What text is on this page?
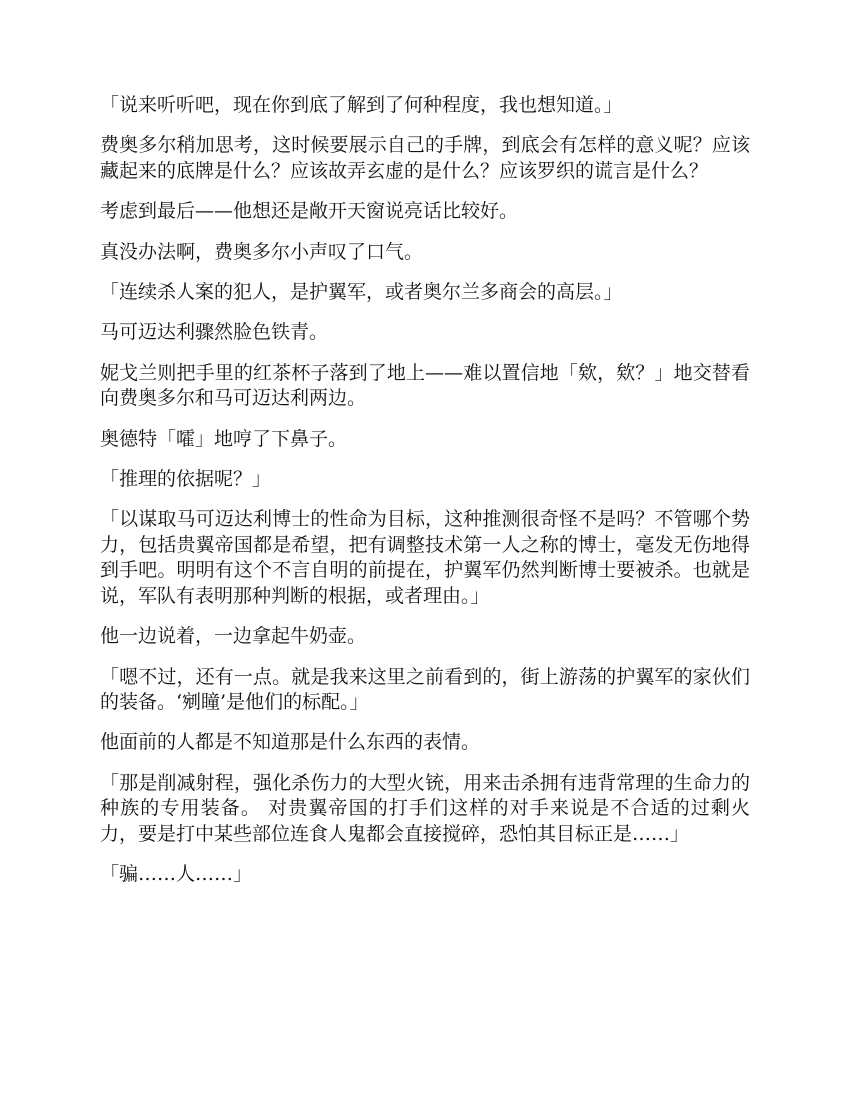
「说来听听吧，现在你到底了解到了何种程度，我也想知道。」

费奥多尔稍加思考，这时候要展示自己的手牌，到底会有怎样的意义呢？应该藏起来的底牌是什么？应该故弄玄虚的是什么？应该罗织的谎言是什么？

考虑到最后——他想还是敞开天窗说亮话比较好。

真没办法啊，费奥多尔小声叹了口气。

「连续杀人案的犯人，是护翼军，或者奥尔兰多商会的高层。」

马可迈达利骤然脸色铁青。

妮戈兰则把手里的红茶杯子落到了地上——难以置信地「欸，欸？」地交替看向费奥多尔和马可迈达利两边。

奥德特「嚯」地哼了下鼻子。

「推理的依据呢？」

「以谋取马可迈达利博士的性命为目标，这种推测很奇怪不是吗？不管哪个势力，包括贵翼帝国都是希望，把有调整技术第一人之称的博士，毫发无伤地得到手吧。明明有这个不言自明的前提在，护翼军仍然判断博士要被杀。也就是说，军队有表明那种判断的根据，或者理由。」

他一边说着，一边拿起牛奶壶。

「嗯不过，还有一点。就是我来这里之前看到的，街上游荡的护翼军的家伙们的装备。‘剜瞳’是他们的标配。」

他面前的人都是不知道那是什么东西的表情。

「那是削减射程，强化杀伤力的大型火铳，用来击杀拥有违背常理的生命力的种族的专用装备。 对贵翼帝国的打手们这样的对手来说是不合适的过剩火力，要是打中某些部位连食人鬼都会直接搅碎，恐怕其目标正是……」

「骗……人……」
